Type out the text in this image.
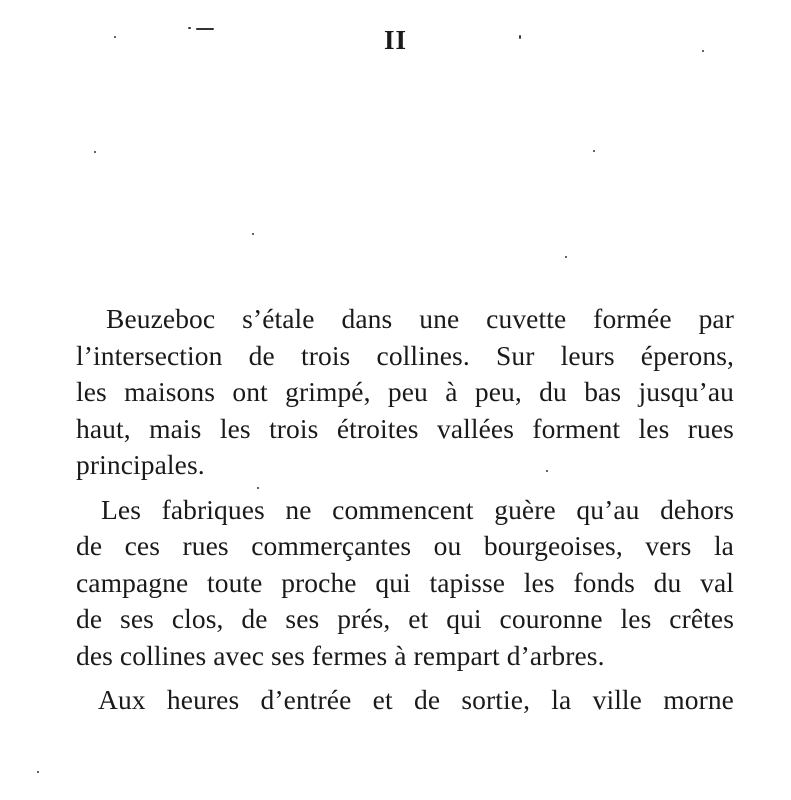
II
Beuzeboc s’étale dans une cuvette formée par
l’intersection de trois collines. Sur leurs éperons,
les maisons ont grimpé, peu à peu, du bas jusqu’au
haut, mais les trois étroites vallées forment les rues
principales.
Les fabriques ne commencent guère qu’au dehors
de ces rues commerçantes ou bourgeoises, vers la
campagne toute proche qui tapisse les fonds du val
de ses clos, de ses prés, et qui couronne les crêtes
des collines avec ses fermes à rempart d’arbres.
Aux heures d’entrée et de sortie, la ville morne
